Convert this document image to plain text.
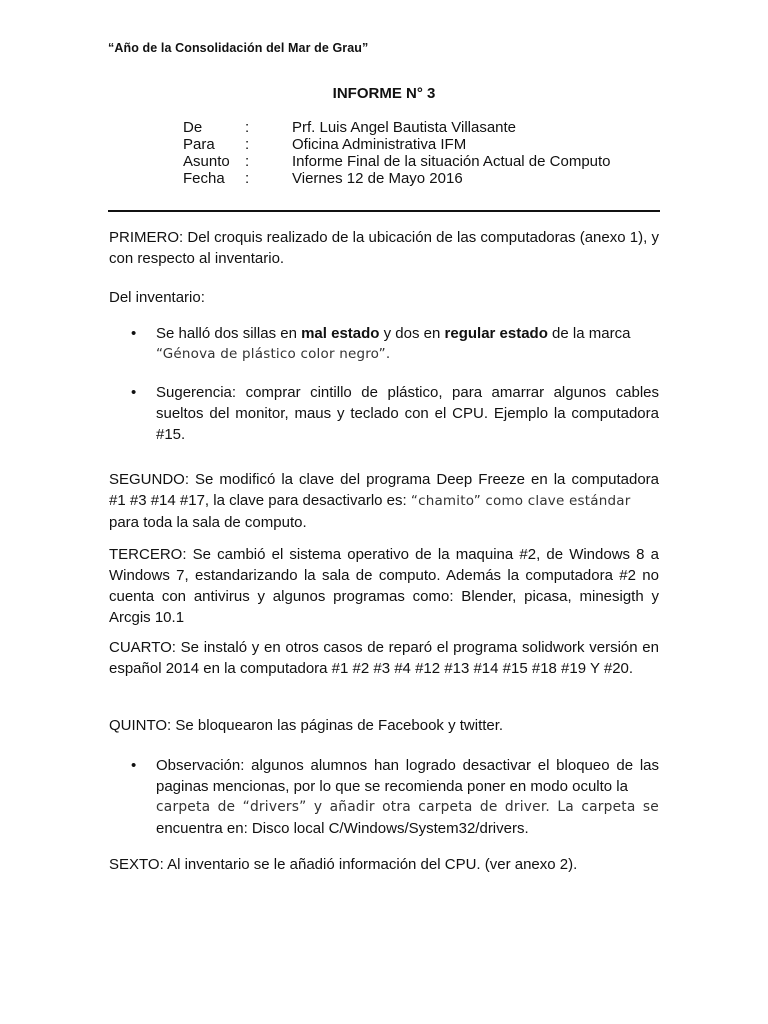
“Año de la Consolidación del Mar de Grau”
INFORME N° 3
De	:	Prf. Luis Angel Bautista Villasante
Para	:	Oficina Administrativa IFM
Asunto	:	Informe Final de la situación Actual de Computo
Fecha	:	Viernes 12 de Mayo 2016
PRIMERO: Del croquis realizado de la ubicación de las computadoras (anexo 1), y con respecto al inventario.
Del inventario:
• Se halló dos sillas en mal estado y dos en regular estado de la marca
“Génova de plástico color negro”.
• Sugerencia: comprar cintillo de plástico, para amarrar algunos cables sueltos del monitor, maus y teclado con el CPU. Ejemplo la computadora #15.
SEGUNDO: Se modificó la clave del programa Deep Freeze en la computadora
#1 #3 #14 #17, la clave para desactivarlo es: “chamito” como clave estándar
para toda la sala de computo.
TERCERO: Se cambió el sistema operativo de la maquina #2, de Windows 8 a Windows 7, estandarizando la sala de computo. Además la computadora #2 no cuenta con antivirus y algunos programas como: Blender, picasa, minesigth y Arcgis 10.1
CUARTO: Se instaló y en otros casos de reparó el programa solidwork versión en español 2014 en la computadora #1 #2 #3 #4 #12 #13 #14 #15 #18 #19 Y #20.
QUINTO: Se bloquearon las páginas de Facebook y twitter.
• Observación: algunos alumnos han logrado desactivar el bloqueo de las paginas mencionas, por lo que se recomienda poner en modo oculto la
carpeta de “drivers” y añadir otra carpeta de driver. La carpeta se
encuentra en: Disco local C/Windows/System32/drivers.
SEXTO: Al inventario se le añadió información del CPU. (ver anexo 2).
